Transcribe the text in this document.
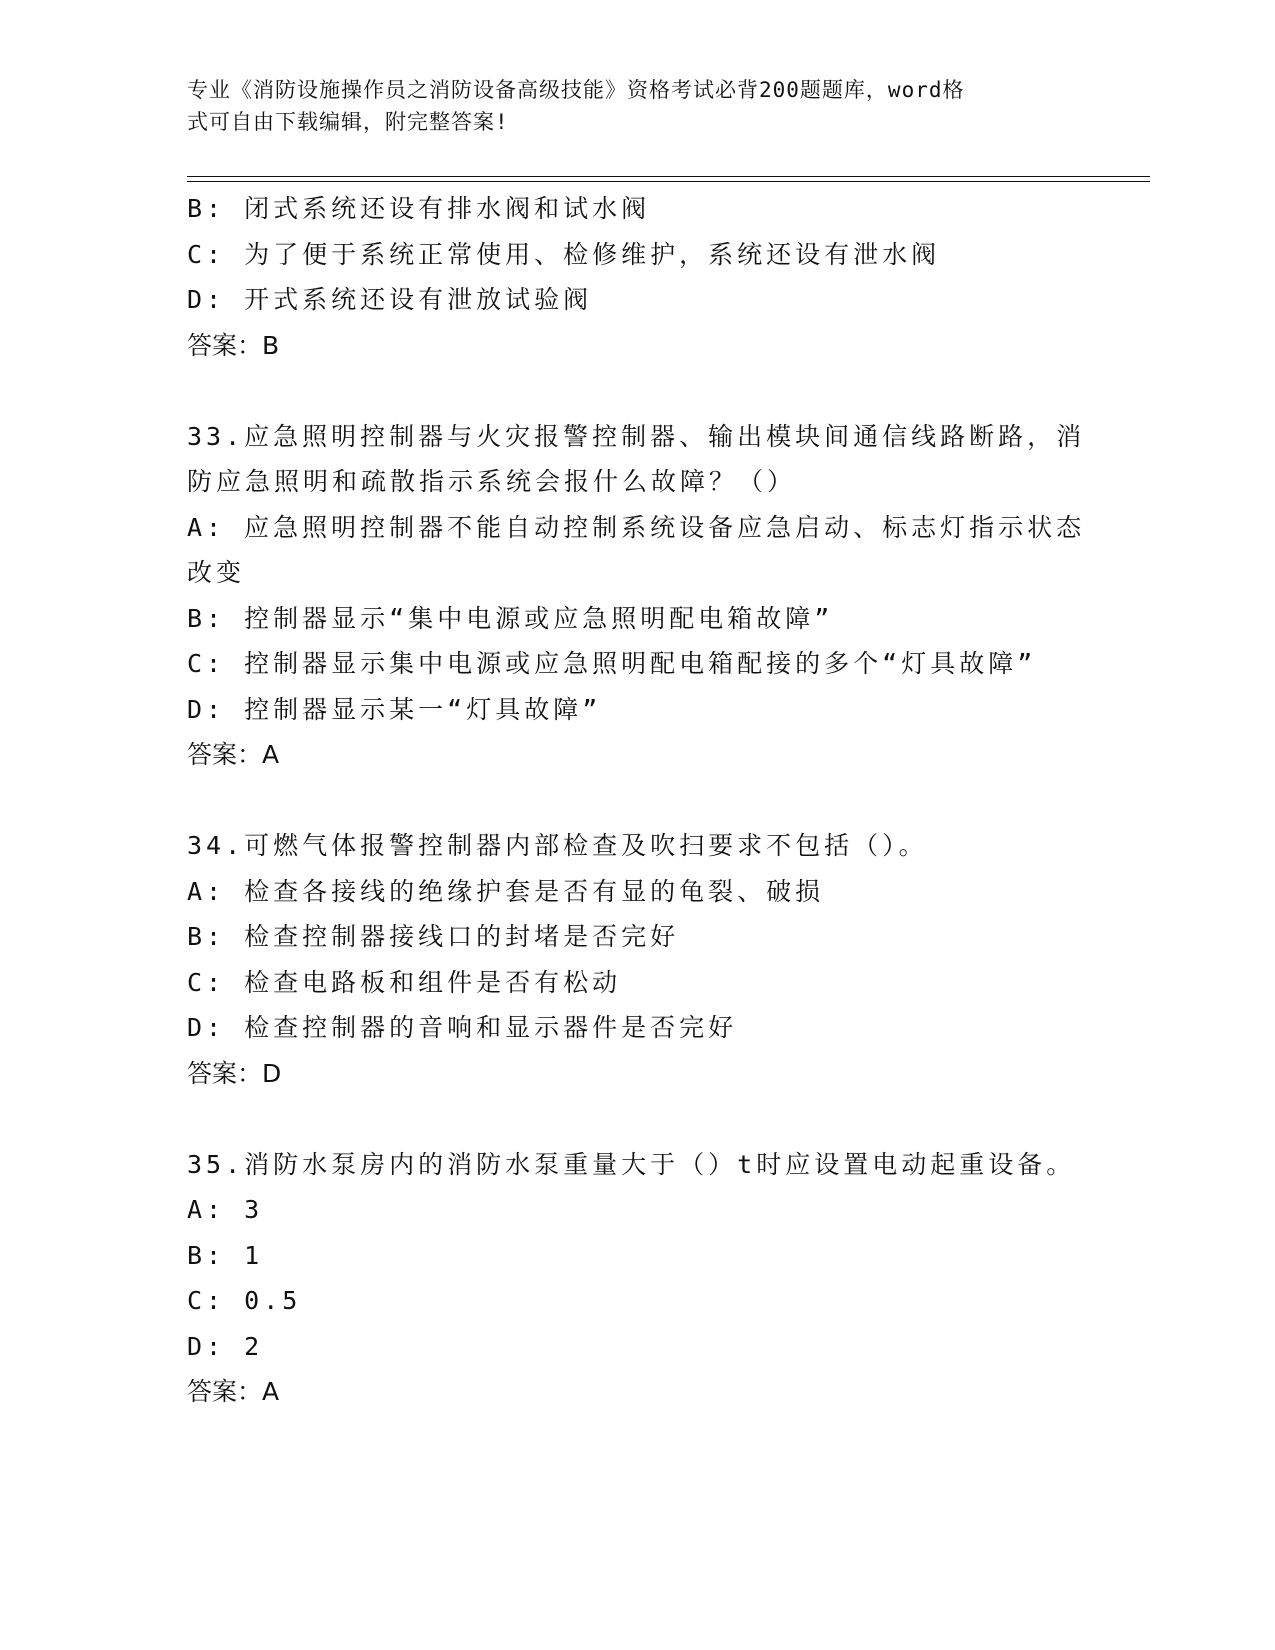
专业《消防设施操作员之消防设备高级技能》资格考试必背200题题库，word格
式可自由下载编辑，附完整答案!
B: 闭式系统还设有排水阀和试水阀
C: 为了便于系统正常使用、检修维护，系统还设有泄水阀
D: 开式系统还设有泄放试验阀
答案：B
33.应急照明控制器与火灾报警控制器、输出模块间通信线路断路，消
防应急照明和疏散指示系统会报什么故障？（）
A: 应急照明控制器不能自动控制系统设备应急启动、标志灯指示状态
改变
B: 控制器显示“集中电源或应急照明配电箱故障”
C: 控制器显示集中电源或应急照明配电箱配接的多个“灯具故障”
D: 控制器显示某一“灯具故障”
答案：A
34.可燃气体报警控制器内部检查及吹扫要求不包括（）。
A: 检查各接线的绝缘护套是否有显的龟裂、破损
B: 检查控制器接线口的封堵是否完好
C: 检查电路板和组件是否有松动
D: 检查控制器的音响和显示器件是否完好
答案：D
35.消防水泵房内的消防水泵重量大于（）t时应设置电动起重设备。
A: 3
B: 1
C: 0.5
D: 2
答案：A
